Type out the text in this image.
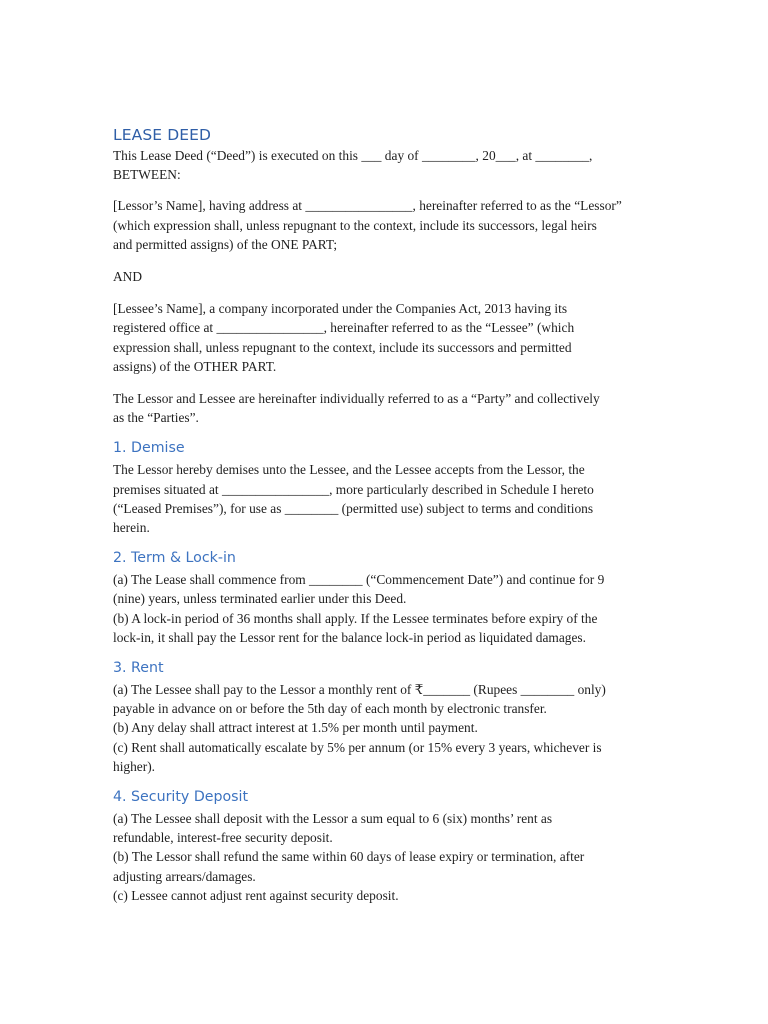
LEASE DEED
This Lease Deed (“Deed”) is executed on this ___ day of ________, 20___, at ________,
BETWEEN:
[Lessor’s Name], having address at ________________, hereinafter referred to as the “Lessor”
(which expression shall, unless repugnant to the context, include its successors, legal heirs
and permitted assigns) of the ONE PART;
AND
[Lessee’s Name], a company incorporated under the Companies Act, 2013 having its
registered office at ________________, hereinafter referred to as the “Lessee” (which
expression shall, unless repugnant to the context, include its successors and permitted
assigns) of the OTHER PART.
The Lessor and Lessee are hereinafter individually referred to as a “Party” and collectively
as the “Parties”.
1. Demise
The Lessor hereby demises unto the Lessee, and the Lessee accepts from the Lessor, the
premises situated at ________________, more particularly described in Schedule I hereto
(“Leased Premises”), for use as ________ (permitted use) subject to terms and conditions
herein.
2. Term & Lock-in
(a) The Lease shall commence from ________ (“Commencement Date”) and continue for 9
(nine) years, unless terminated earlier under this Deed.
(b) A lock-in period of 36 months shall apply. If the Lessee terminates before expiry of the
lock-in, it shall pay the Lessor rent for the balance lock-in period as liquidated damages.
3. Rent
(a) The Lessee shall pay to the Lessor a monthly rent of ₹_______ (Rupees ________ only)
payable in advance on or before the 5th day of each month by electronic transfer.
(b) Any delay shall attract interest at 1.5% per month until payment.
(c) Rent shall automatically escalate by 5% per annum (or 15% every 3 years, whichever is
higher).
4. Security Deposit
(a) The Lessee shall deposit with the Lessor a sum equal to 6 (six) months’ rent as
refundable, interest-free security deposit.
(b) The Lessor shall refund the same within 60 days of lease expiry or termination, after
adjusting arrears/damages.
(c) Lessee cannot adjust rent against security deposit.
